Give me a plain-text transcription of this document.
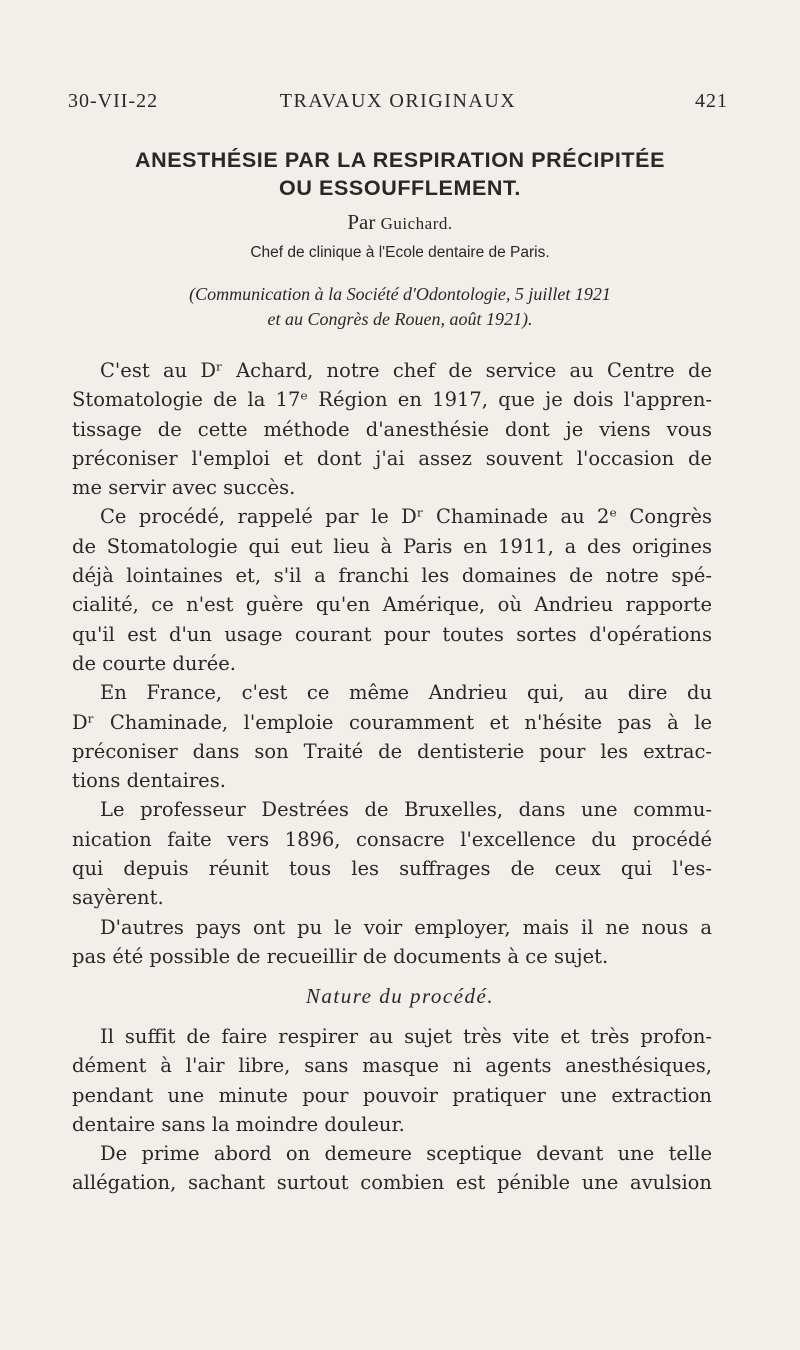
30-VII-22	TRAVAUX ORIGINAUX	421
ANESTHÉSIE PAR LA RESPIRATION PRÉCIPITÉE
OU ESSOUFFLEMENT.
Par Guichard.
Chef de clinique à l'Ecole dentaire de Paris.
(Communication à la Société d'Odontologie, 5 juillet 1921
et au Congrès de Rouen, août 1921).
C'est au Dʳ Achard, notre chef de service au Centre de
Stomatologie de la 17ᵉ Région en 1917, que je dois l'appren-
tissage de cette méthode d'anesthésie dont je viens vous
préconiser l'emploi et dont j'ai assez souvent l'occasion de
me servir avec succès.
Ce procédé, rappelé par le Dʳ Chaminade au 2ᵉ Congrès
de Stomatologie qui eut lieu à Paris en 1911, a des origines
déjà lointaines et, s'il a franchi les domaines de notre spé-
cialité, ce n'est guère qu'en Amérique, où Andrieu rapporte
qu'il est d'un usage courant pour toutes sortes d'opérations
de courte durée.
En France, c'est ce même Andrieu qui, au dire du
Dʳ Chaminade, l'emploie couramment et n'hésite pas à le
préconiser dans son Traité de dentisterie pour les extrac-
tions dentaires.
Le professeur Destrées de Bruxelles, dans une commu-
nication faite vers 1896, consacre l'excellence du procédé
qui depuis réunit tous les suffrages de ceux qui l'es-
sayèrent.
D'autres pays ont pu le voir employer, mais il ne nous a
pas été possible de recueillir de documents à ce sujet.
Nature du procédé.
Il suffit de faire respirer au sujet très vite et très profon-
dément à l'air libre, sans masque ni agents anesthésiques,
pendant une minute pour pouvoir pratiquer une extraction
dentaire sans la moindre douleur.
De prime abord on demeure sceptique devant une telle
allégation, sachant surtout combien est pénible une avulsion
